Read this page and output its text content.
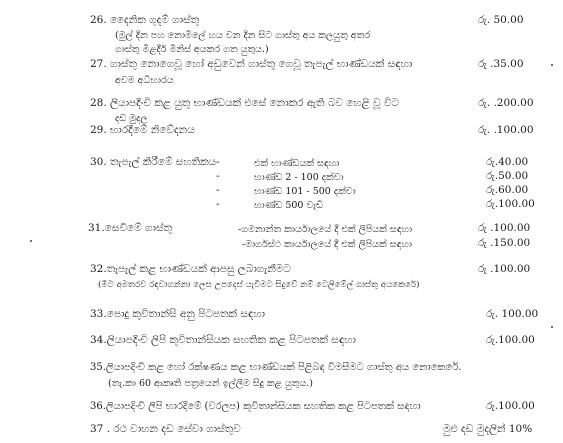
26. දෛනික ගුදම් ගාස්තු	රු. 50.00
(මුල් දින පහ නොමිලේ හය වන දින සිට ගාස්තු අය කලයුතු අතර
ගාස්තු මිළදීර් මිනිස් අයකර ගත යුතුය.)
27. ගාස්තු නොගෙවූ හෝ අඩුවෙන් ගාස්තු ගෙවූ තැපැල් භාණ්ඩයක් සඳහා	රු .35.00
අවම අධිභාරය
28. ලියාපදිංචි කළ යුතු භාණ්ඩයක් එසේ නොකර ඇති බව හෙළි වූ විට	රු. .200.00
දඩ මුදල
29. භාරදීමේ නිවේදනය	රු. .100.00
30. තැපැල් කිරීමේ සහතිකය -	එක් භාණ්ඩයක් සඳහා	රු.40.00
-	භාණ්ඩ 2 - 100 දක්වා	රු.50.00
-	භාණ්ඩ 101 - 500 දක්වා	රු.60.00
-	භාණ්ඩ 500 වැඩි	රු.100.00
31.සෙවීමේ ගාස්තු	-ගමනාන්ත කාර්යාලයේ දී එක් ලිපියක් සඳහා	රු .100.00
-මාර්ගස්ථ කාර්යාලයේ දී එක් ලිපියක් සඳහා	රු .150.00
32.තැපැල් කළ භාණ්ඩයක් ආපසු ලබාගැනීමට	රු .100.00
(මීට අමතරව රඳවාගන්නා ලෙස උපදෙස් යැවීමට සිදුවේ නම් ටෙලිමේල් ගාස්තු අයකෙරේ)
33.පොදු කුවිතාන්සි අනු පිටපතක් සඳහා	රු. 100.00
34.ලියාපදිංචි ලිපි කුවිතාන්සියක සහතික කළ පිටපතක් සඳහා	රු.100.00
35.ලියාපදිංචි කළ හෝ රක්ෂණය කළ භාණ්ඩයක් පිළිබඳ විමසීමට ගාස්තු අය නොකෙරේ.
(තැ.කා 60 ආකෘති පත්‍රයෙන් ඉල්ලීම සිදු කළ යුතුය.)
36.ලියාපදිංචි ලිපි භාරදීමේ (වරලප) කුවිතාන්සියක සහතික කළ පිටපතක් සඳහා	රු.100.00
37 . රථ වාහන දඩ සේවා ගාස්තුව	මුළු දඩ මුදලින් 10%
